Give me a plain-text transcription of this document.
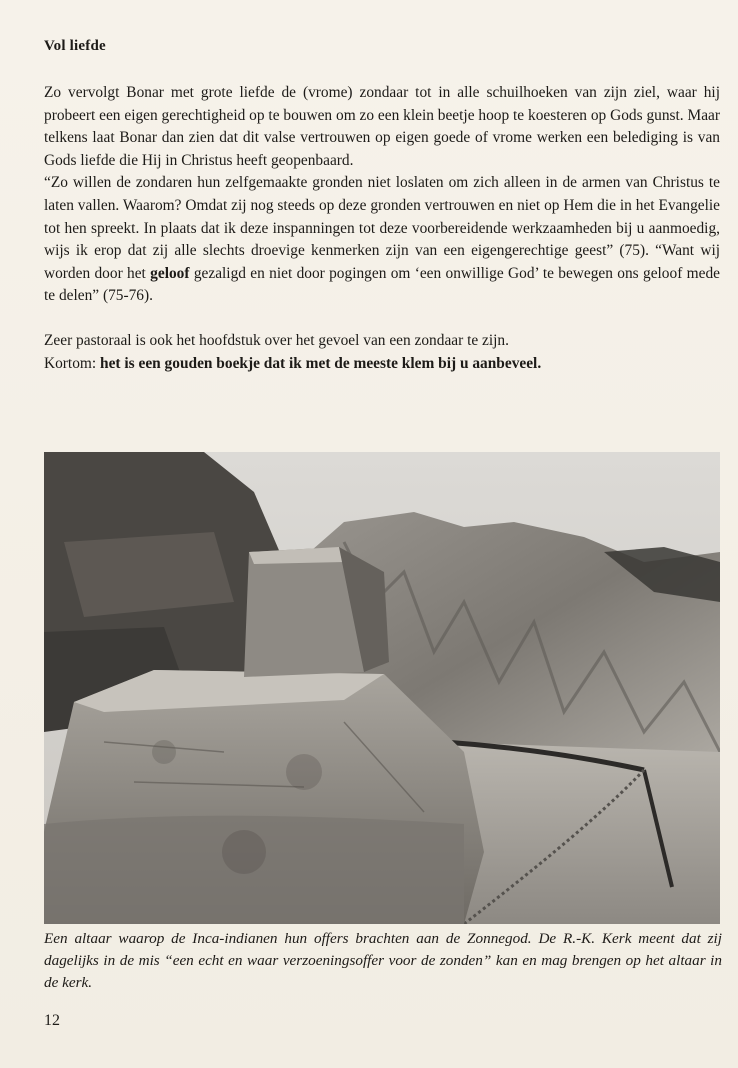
Vol liefde

Zo vervolgt Bonar met grote liefde de (vrome) zondaar tot in alle schuilhoeken van zijn ziel, waar hij probeert een eigen gerechtigheid op te bouwen om zo een klein beetje hoop te koesteren op Gods gunst. Maar telkens laat Bonar dan zien dat dit valse vertrouwen op eigen goede of vrome werken een belediging is van Gods liefde die Hij in Christus heeft geopenbaard.

“Zo willen de zondaren hun zelfgemaakte gronden niet loslaten om zich alleen in de armen van Christus te laten vallen. Waarom? Omdat zij nog steeds op deze gronden vertrouwen en niet op Hem die in het Evangelie tot hen spreekt. In plaats dat ik deze inspanningen tot deze voorbereidende werkzaamheden bij u aanmoedig, wijs ik erop dat zij alle slechts droevige kenmerken zijn van een eigengerechtige geest” (75). “Want wij worden door het geloof gezaligd en niet door pogingen om ‘een onwillige God’ te bewegen ons geloof mede te delen” (75-76).

Zeer pastoraal is ook het hoofdstuk over het gevoel van een zondaar te zijn.
Kortom: het is een gouden boekje dat ik met de meeste klem bij u aanbeveel.

Een altaar waarop de Inca-indianen hun offers brachten aan de Zonnegod. De R.-K. Kerk meent dat zij dagelijks in de mis “een echt en waar verzoeningsoffer voor de zonden” kan en mag brengen op het altaar in de kerk.
12
